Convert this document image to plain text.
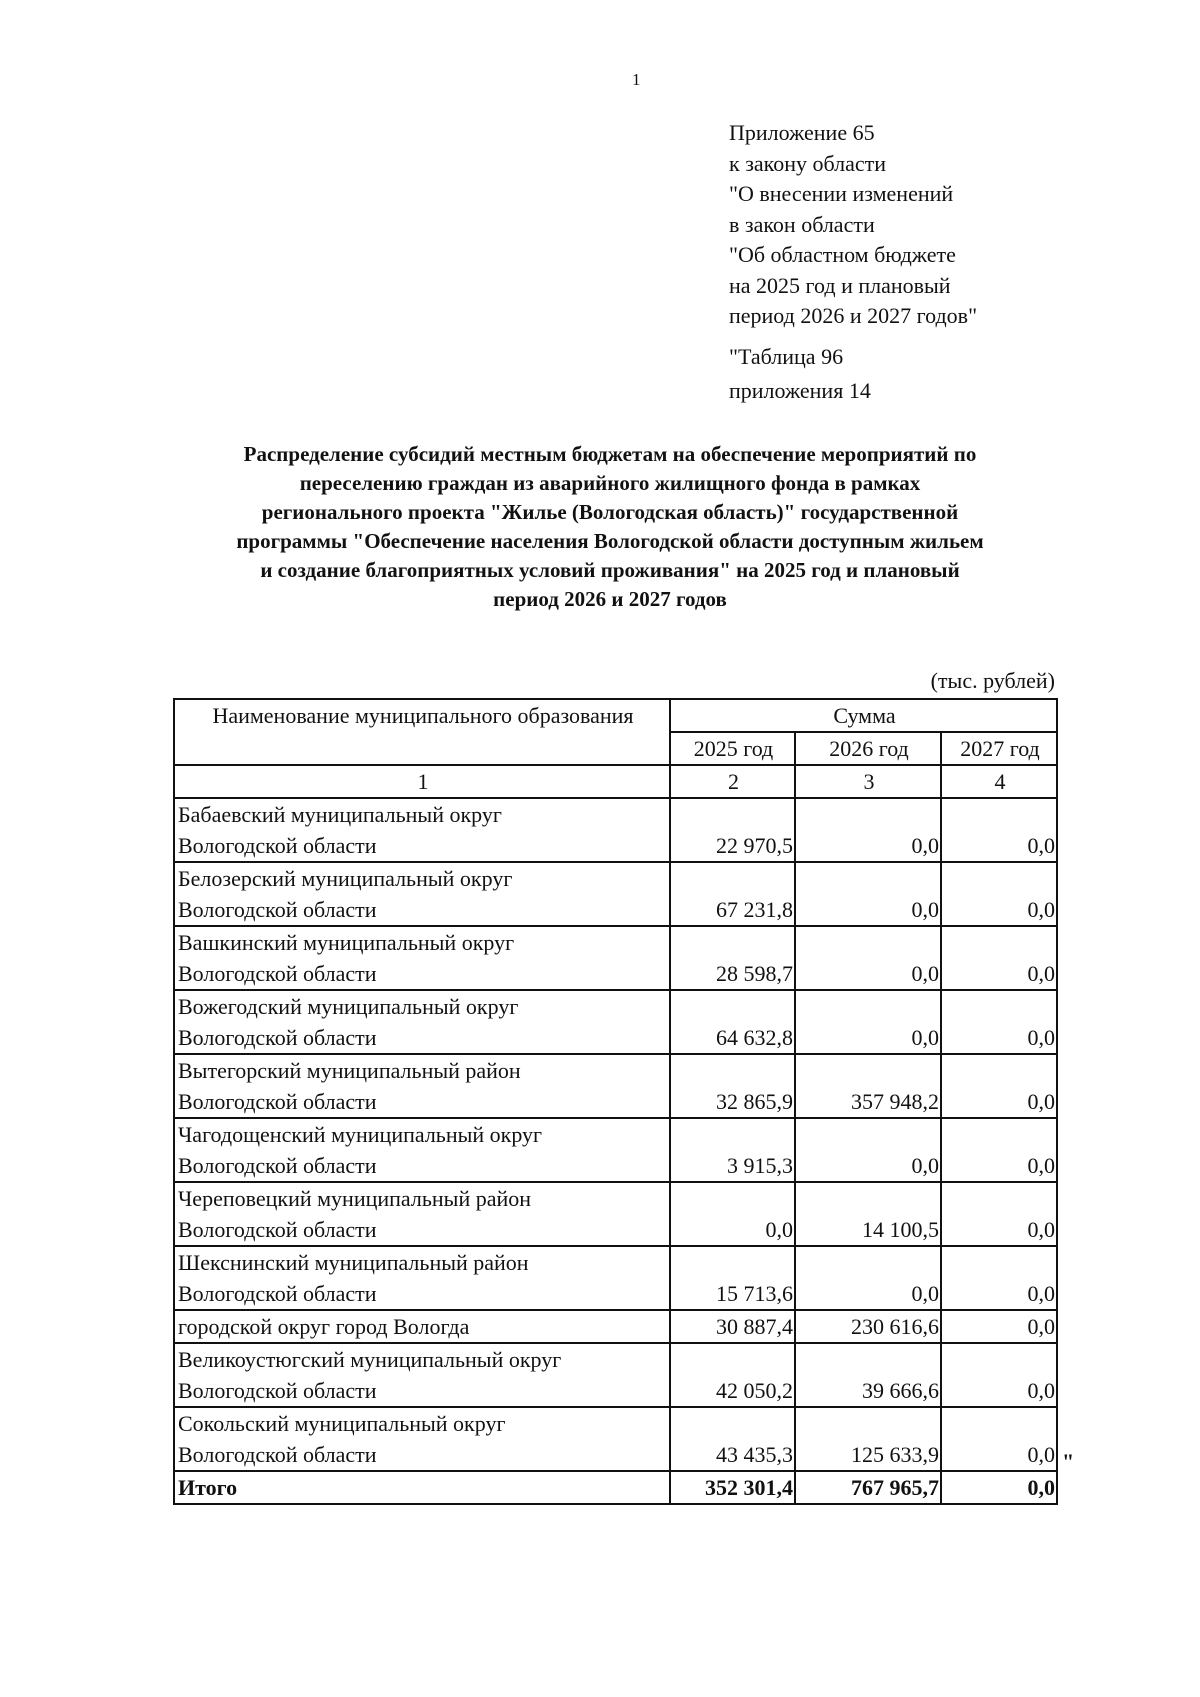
1
Приложение 65
к закону области
"О внесении изменений
в закон области
"Об областном бюджете
на 2025 год и плановый
период 2026 и 2027 годов"
"Таблица 96
приложения 14
Распределение субсидий местным бюджетам на обеспечение мероприятий по
переселению граждан из аварийного жилищного фонда в рамках
регионального проекта "Жилье (Вологодская область)" государственной
программы "Обеспечение населения Вологодской области доступным жильем
и создание благоприятных условий проживания" на 2025 год и плановый
период 2026 и 2027 годов
(тыс. рублей)
Наименование муниципального образования	Сумма		
	2025 год	2026 год	2027 год
1	2	3	4

Бабаевский муниципальный округ
Вологодской области	22 970,5	0,0	0,0

Белозерский муниципальный округ
Вологодской области	67 231,8	0,0	0,0

Вашкинский муниципальный округ
Вологодской области	28 598,7	0,0	0,0

Вожегодский муниципальный округ
Вологодской области	64 632,8	0,0	0,0

Вытегорский муниципальный район
Вологодской области	32 865,9	357 948,2	0,0

Чагодощенский муниципальный округ
Вологодской области	3 915,3	0,0	0,0

Череповецкий муниципальный район
Вологодской области	0,0	14 100,5	0,0

Шекснинский муниципальный район
Вологодской области	15 713,6	0,0	0,0

городской округ город Вологда	30 887,4	230 616,6	0,0

Великоустюгский муниципальный округ
Вологодской области	42 050,2	39 666,6	0,0

Сокольский муниципальный округ
Вологодской области	43 435,3	125 633,9	0,0
Итого	352 301,4	767 965,7	0,0
"
